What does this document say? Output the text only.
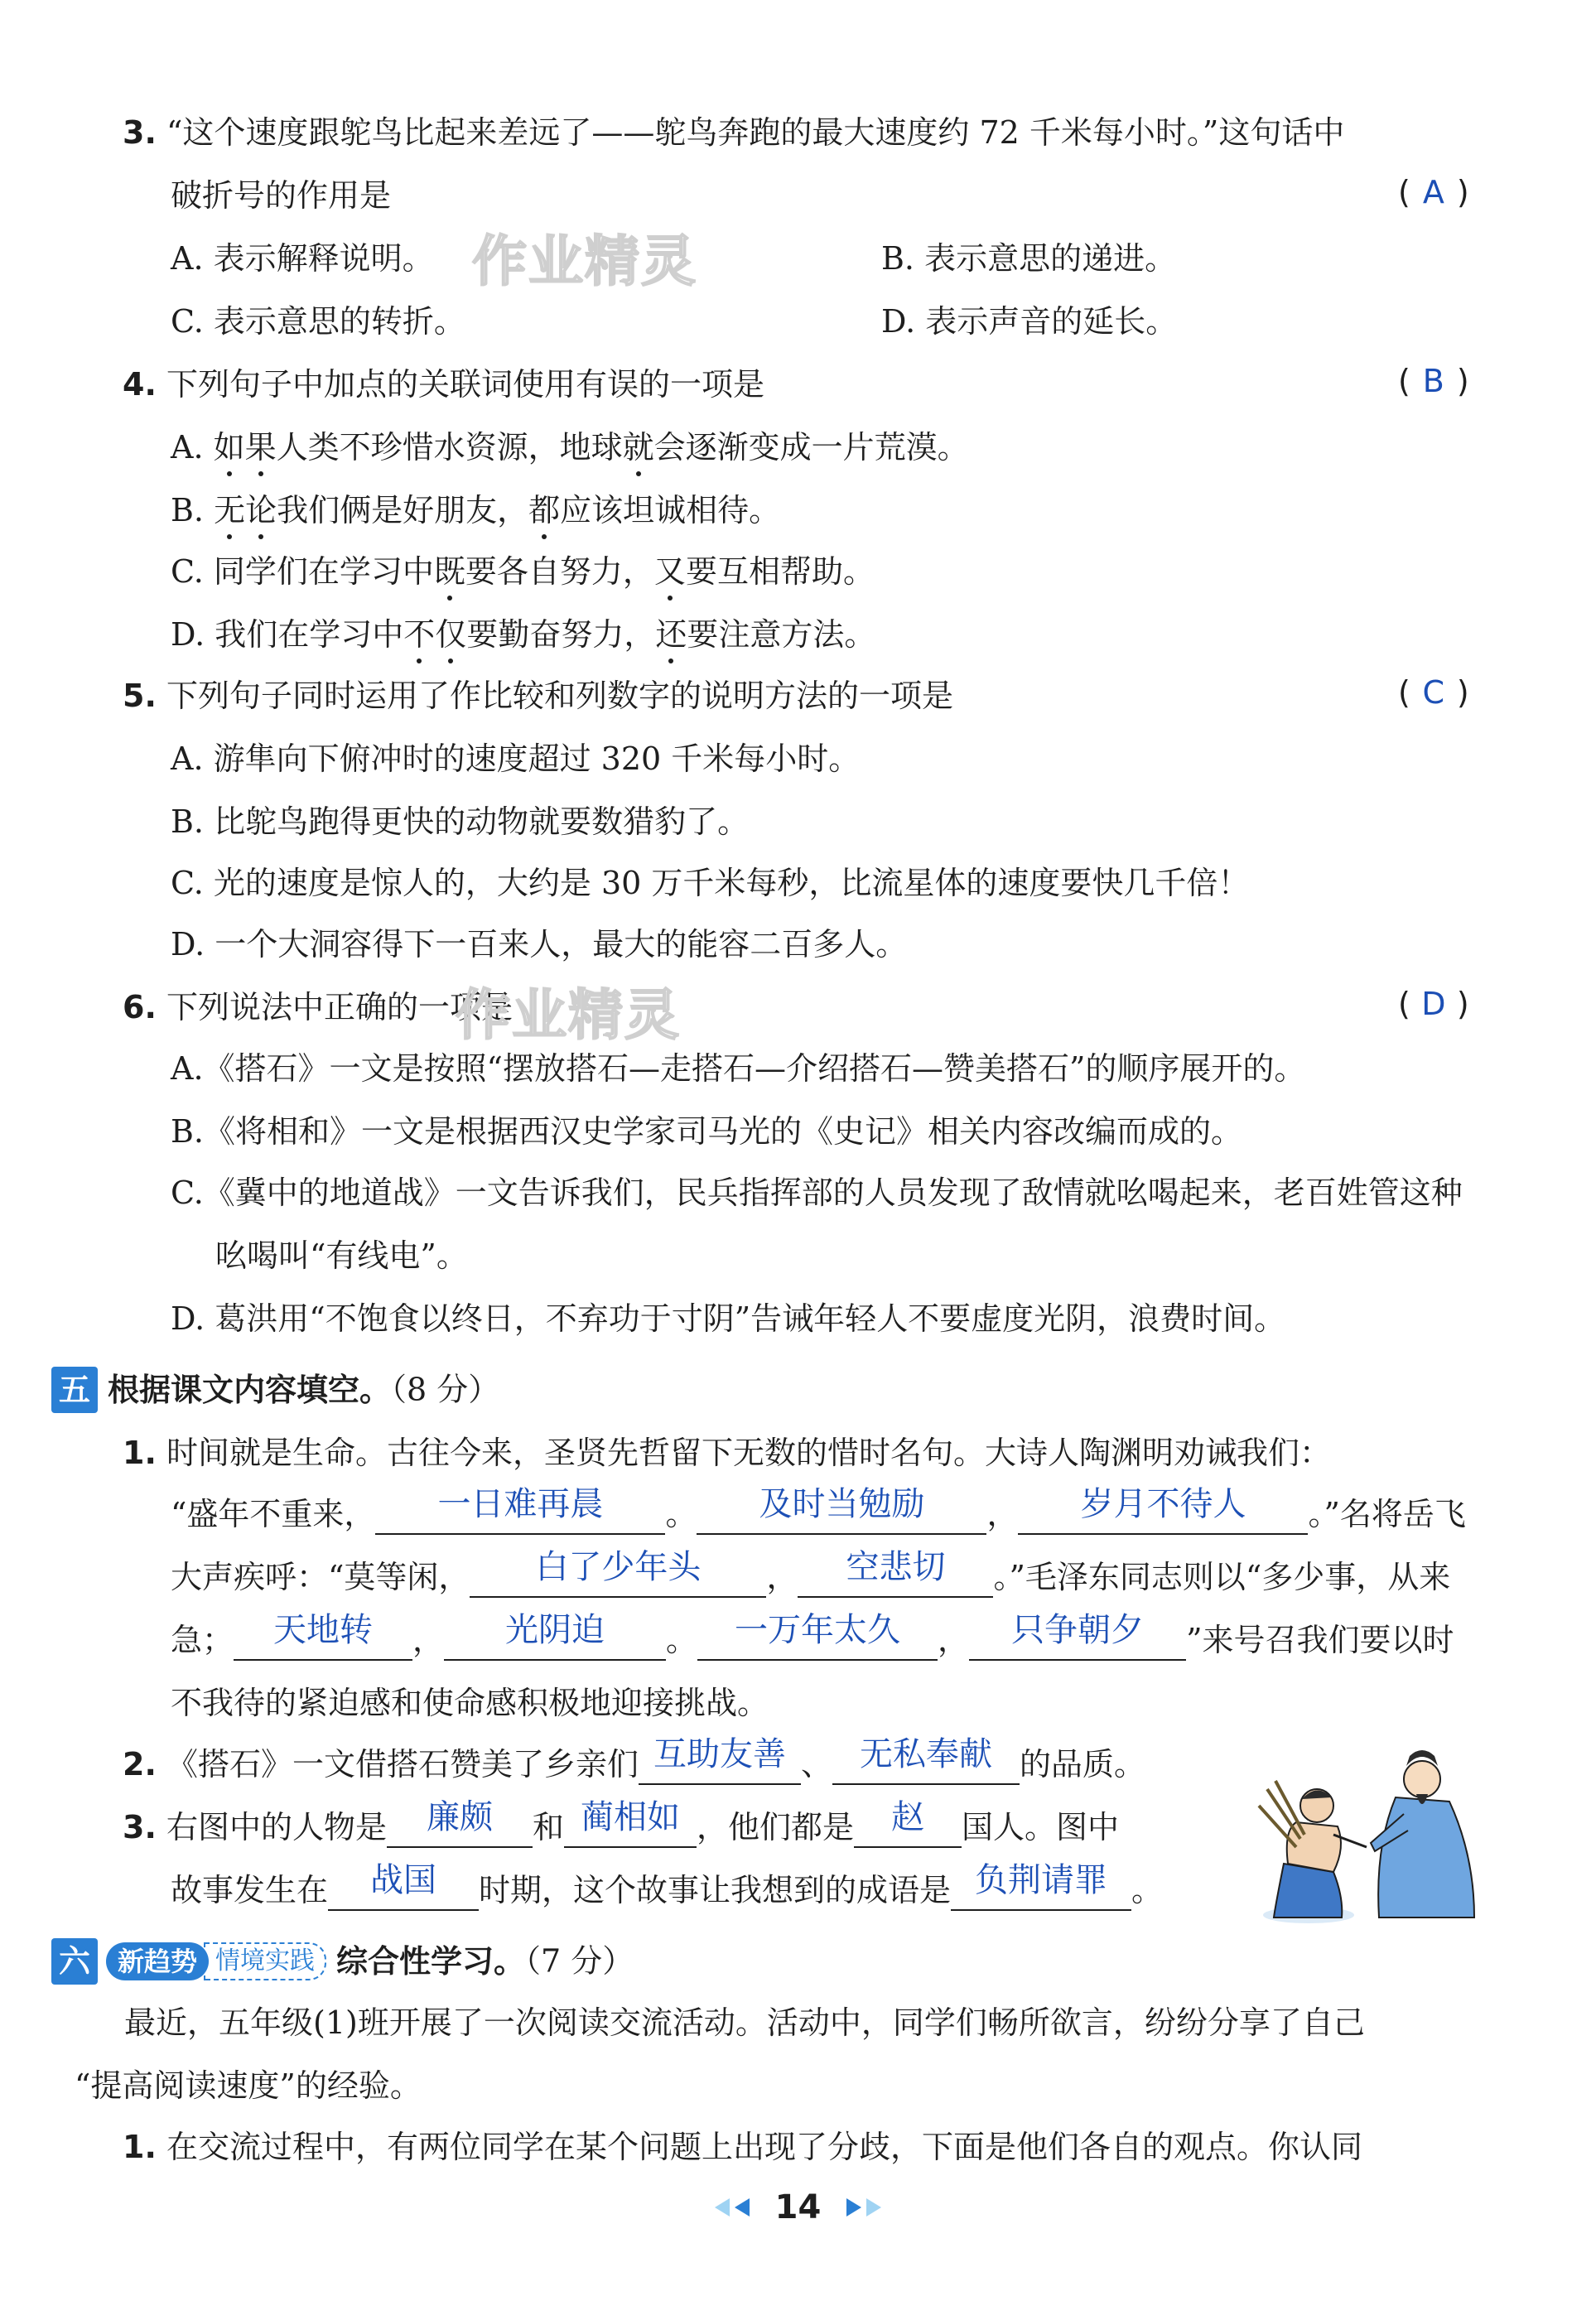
3. “这个速度跟鸵鸟比起来差远了——鸵鸟奔跑的最大速度约 72 千米每小时。”这句话中
破折号的作用是	( A )
A. 表示解释说明。	B. 表示意思的递进。
C. 表示意思的转折。	D. 表示声音的延长。
作业精灵
4. 下列句子中加点的关联词使用有误的一项是	( B )
A. 如果人类不珍惜水资源，地球就会逐渐变成一片荒漠。
B. 无论我们俩是好朋友，都应该坦诚相待。
C. 同学们在学习中既要各自努力，又要互相帮助。
D. 我们在学习中不仅要勤奋努力，还要注意方法。
5. 下列句子同时运用了作比较和列数字的说明方法的一项是	( C )
A. 游隼向下俯冲时的速度超过 320 千米每小时。
B. 比鸵鸟跑得更快的动物就要数猎豹了。
C. 光的速度是惊人的，大约是 30 万千米每秒，比流星体的速度要快几千倍！
D. 一个大洞容得下一百来人，最大的能容二百多人。
6. 下列说法中正确的一项是	( D )
作业精灵
A.《搭石》一文是按照“摆放搭石—走搭石—介绍搭石—赞美搭石”的顺序展开的。
B.《将相和》一文是根据西汉史学家司马光的《史记》相关内容改编而成的。
C.《冀中的地道战》一文告诉我们，民兵指挥部的人员发现了敌情就吆喝起来，老百姓管这种
吆喝叫“有线电”。
D. 葛洪用“不饱食以终日，不弃功于寸阴”告诫年轻人不要虚度光阴，浪费时间。
五 根据课文内容填空。（8 分）
1. 时间就是生命。古往今来，圣贤先哲留下无数的惜时名句。大诗人陶渊明劝诫我们：
“盛年不重来， 一日难再晨 。 及时当勉励 ， 岁月不待人 。”名将岳飞
大声疾呼：“莫等闲， 白了少年头 ， 空悲切 。”毛泽东同志则以“多少事，从来
急； 天地转 ， 光阴迫 。 一万年太久 ， 只争朝夕 ”来号召我们要以时
不我待的紧迫感和使命感积极地迎接挑战。
2. 《搭石》一文借搭石赞美了乡亲们 互助友善 、 无私奉献 的品质。
3. 右图中的人物是 廉颇 和 蔺相如 ，他们都是 赵 国人。图中
故事发生在 战国 时期，这个故事让我想到的成语是 负荆请罪 。
六 新趋势 情境实践 综合性学习。（7 分）
最近，五年级(1)班开展了一次阅读交流活动。活动中，同学们畅所欲言，纷纷分享了自己
“提高阅读速度”的经验。
1. 在交流过程中，有两位同学在某个问题上出现了分歧，下面是他们各自的观点。你认同
14
